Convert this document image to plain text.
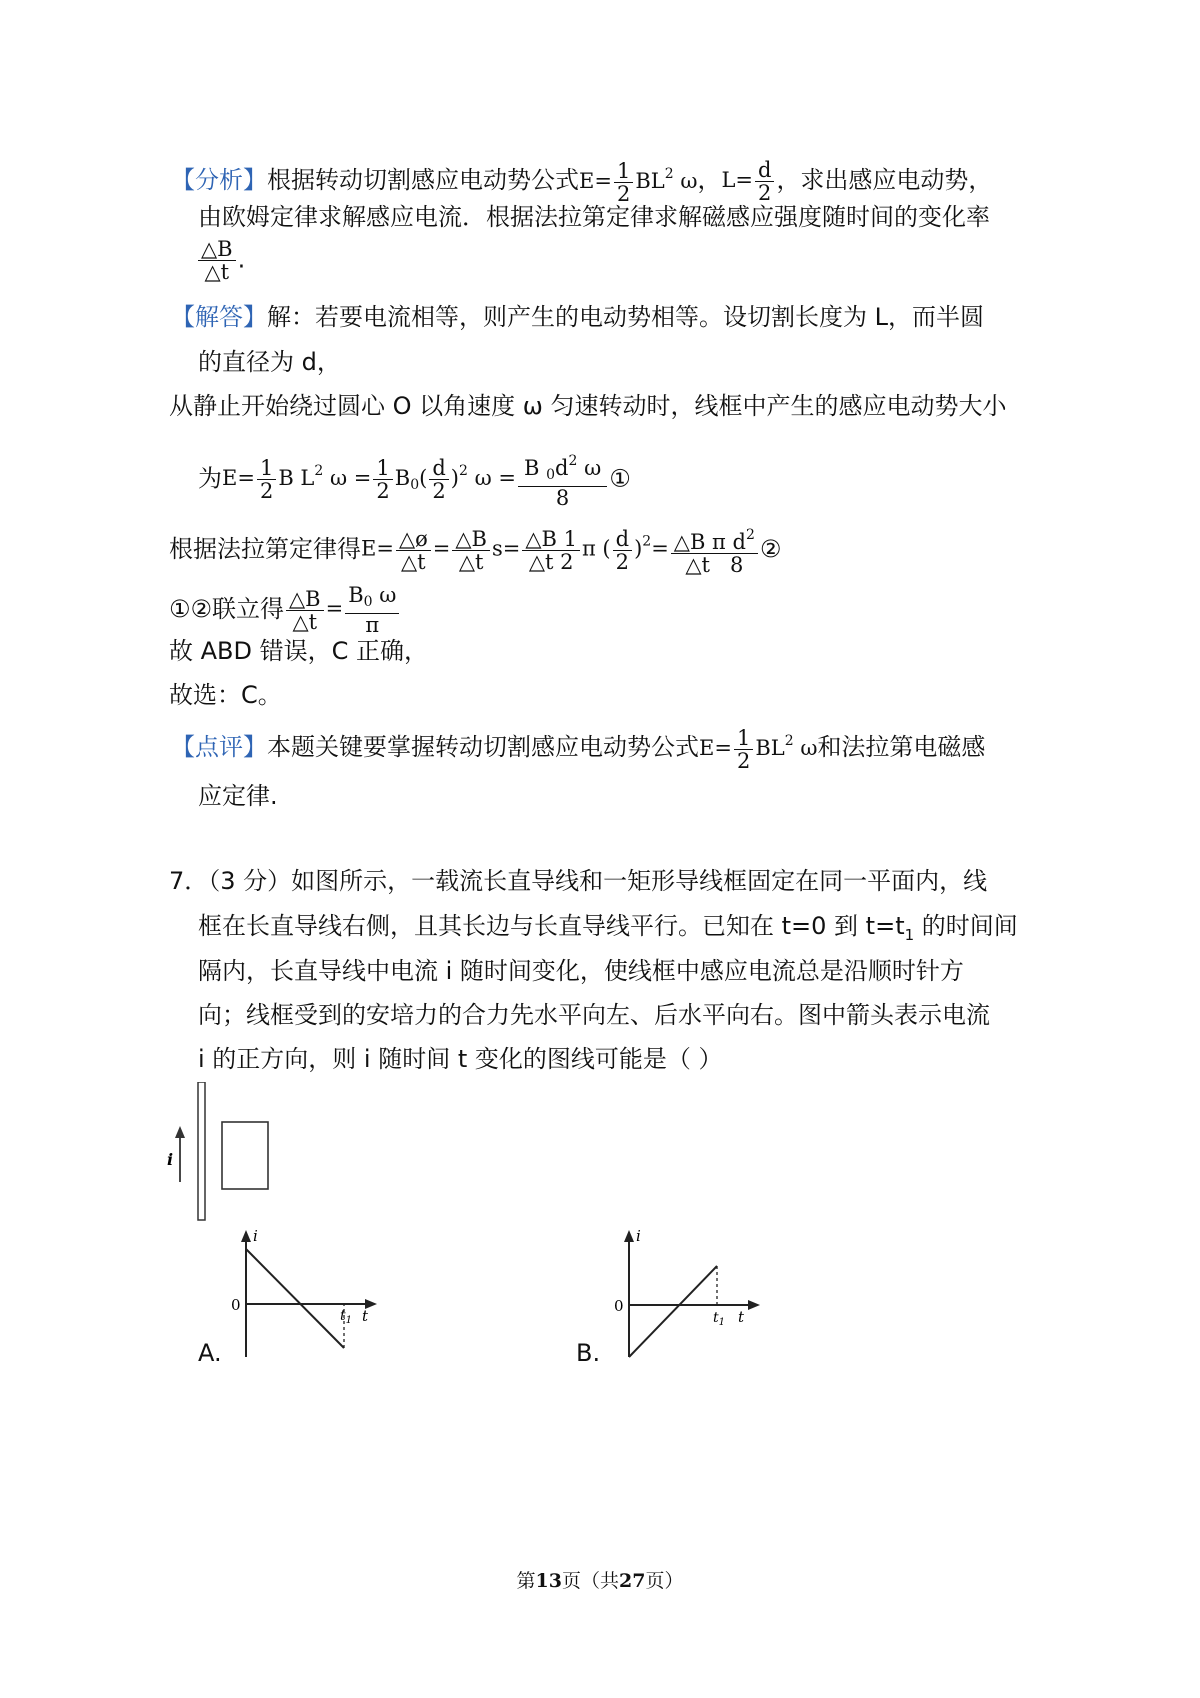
【分析】根据转动切割感应电动势公式$E= \frac{1}{2} BL^2$ ω，$L= \frac{d}{2}$ ，求出感应电动势，
由欧姆定律求解感应电流．根据法拉第定律求解磁感应强度随时间的变化率
$\frac{\triangle B}{\triangle t}$ .
【解答】解：若要电流相等，则产生的电动势相等。设切割长度为 L，而半圆
的直径为 d，
从静止开始绕过圆心 O 以角速度 ω 匀速转动时，线框中产生的感应电动势大小
为$E= \frac{1}{2}$ B $L^2$ $\omega = \frac{1}{2} B_0( \frac{d}{2} )^2$ $\omega = \frac{B _0d^2 \omega}{8}$ ①
根据法拉第定律得$E= \frac{\triangle ø}{\triangle t} = \frac{\triangle B}{\triangle t} s= \frac{\triangle B 1}{\triangle t 2}$ π ( $\frac{d}{2} )^2= \frac{\triangle B \pi d^2}{\triangle t 8}$ ②
①②联立得 $\frac{\triangle B}{\triangle t} = \frac{B_0 \omega}{\pi}$
故 ABD 错误，C 正确，
故选：C。
【点评】本题关键要掌握转动切割感应电动势公式$E= \frac{1}{2} BL^2$ ω和法拉第电磁感
应定律.
7．（3 分）如图所示，一载流长直导线和一矩形导线框固定在同一平面内，线
框在长直导线右侧，且其长边与长直导线平行。已知在 t=0 到 $t=t_1$ 的时间间
隔内，长直导线中电流 i 随时间变化，使线框中感应电流总是沿顺时针方
向；线框受到的安培力的合力先水平向左、后水平向右。图中箭头表示电流
i 的正方向，则 i 随时间 t 变化的图线可能是（ ）
i
A.
i
0
$t_1$ t
B.
i
0
$t_1$ t
第13页（共27页）
